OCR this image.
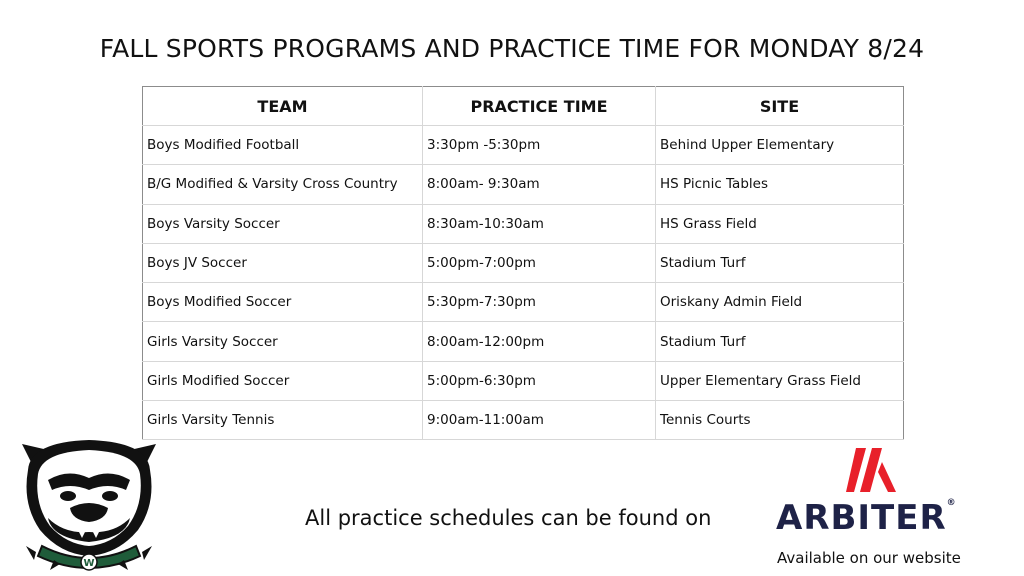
FALL SPORTS PROGRAMS AND PRACTICE TIME FOR MONDAY 8/24
TEAM	PRACTICE TIME	SITE
Boys Modified Football	3:30pm -5:30pm	Behind Upper Elementary
B/G Modified & Varsity Cross Country	8:00am- 9:30am	HS Picnic Tables
Boys Varsity Soccer	8:30am-10:30am	HS Grass Field
Boys JV Soccer	5:00pm-7:00pm	Stadium Turf
Boys Modified Soccer	5:30pm-7:30pm	Oriskany Admin Field
Girls Varsity Soccer	8:00am-12:00pm	Stadium Turf
Girls Modified Soccer	5:00pm-6:30pm	Upper Elementary Grass Field
Girls Varsity Tennis	9:00am-11:00am	Tennis Courts
W
All practice schedules can be found on ARBITER®
Available on our website
